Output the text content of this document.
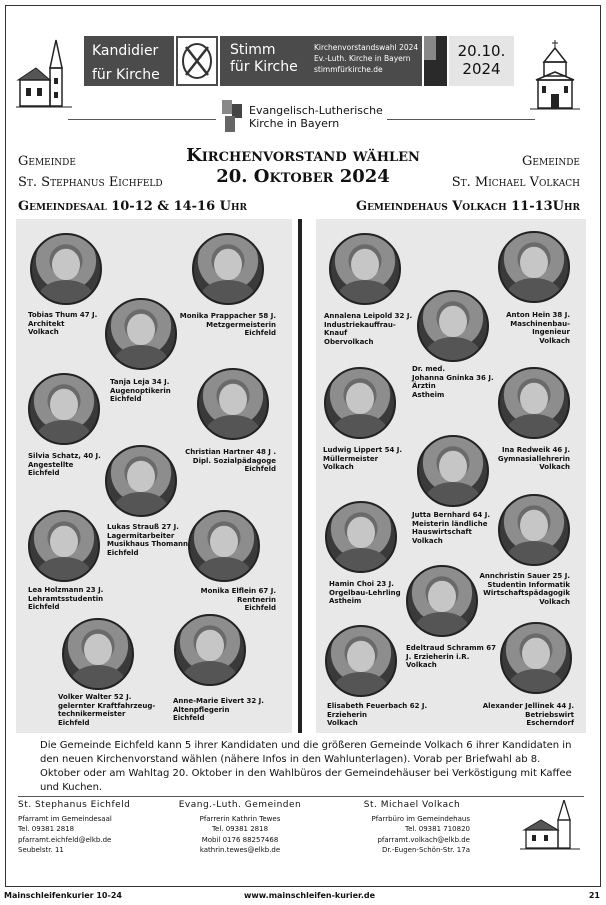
Kandidier
für Kirche
Stimm
für Kirche
Kirchenvorstandswahl 2024
Ev.-Luth. Kirche in Bayern
stimmfürkirche.de
20.10.
2024
Evangelisch-Lutherische
Kirche in Bayern
Gemeinde
St. Stephanus Eichfeld
Kirchenvorstand wählen
20. Oktober 2024
Gemeinde
St. Michael Volkach
Gemeindesaal 10-12 & 14-16 Uhr	Gemeindehaus Volkach 11-13Uhr
Tobias Thum 47 J.
Architekt
Volkach
Monika Prappacher 58 J.
Metzgermeisterin
Eichfeld
Tanja Leja 34 J.
Augenoptikerin
Eichfeld
Silvia Schatz, 40 J.
Angestellte
Eichfeld
Christian Hartner 48 J .
Dipl. Sozialpädagoge
Eichfeld
Lukas Strauß 27 J.
Lagermitarbeiter
Musikhaus Thomann
Eichfeld
Lea Holzmann 23 J.
Lehramtsstudentin
Eichfeld
Monika Elflein 67 J.
Rentnerin
Eichfeld
Volker Walter 52 J.
gelernter Kraftfahrzeug-
technikermeister
Eichfeld
Anne-Marie Eivert 32 J.
Altenpflegerin
Eichfeld
Annalena Leipold 32 J.
Industriekauffrau-
Knauf
Obervolkach
Anton Hein 38 J.
Maschinenbau-
Ingenieur
Volkach
Dr. med.
Johanna Gninka 36 J.
Ärztin
Astheim
Ludwig Lippert 54 J.
Müllermeister
Volkach
Ina Redweik 46 J.
Gymnasiallehrerin
Volkach
Jutta Bernhard 64 J.
Meisterin ländliche
Hauswirtschaft
Volkach
Hamin Choi 23 J.
Orgelbau-Lehrling
Astheim
Annchristin Sauer 25 J.
Studentin Informatik
Wirtschaftspädagogik
Volkach
Edeltraud Schramm 67
J. Erzieherin i.R.
Volkach
Elisabeth Feuerbach 62 J.
Erzieherin
Volkach
Alexander Jellinek 44 J.
Betriebswirt
Escherndorf
Die Gemeinde Eichfeld kann 5 ihrer Kandidaten und die größeren Gemeinde Volkach 6 ihrer Kandidaten in den neuen Kirchenvorstand wählen (nähere Infos in den Wahlunterlagen). Vorab per Briefwahl ab 8. Oktober oder am Wahltag 20. Oktober in den Wahlbüros der Gemeindehäuser bei Verköstigung mit Kaffee und Kuchen.
St. Stephanus Eichfeld
Pfarramt im Gemeindesaal
Tel. 09381 2818
pfarramt.eichfeld@elkb.de
Seubelstr. 11
Evang.-Luth. Gemeinden
Pfarrerin Kathrin Tewes
Tel. 09381 2818
Mobil 0176 88257468
kathrin.tewes@elkb.de
St. Michael Volkach
Pfarrbüro im Gemeindehaus
Tel. 09381 710820
pfarramt.volkach@elkb.de
Dr.-Eugen-Schön-Str. 17a
Mainschleifenkurier 10-24	www.mainschleifen-kurier.de	21
